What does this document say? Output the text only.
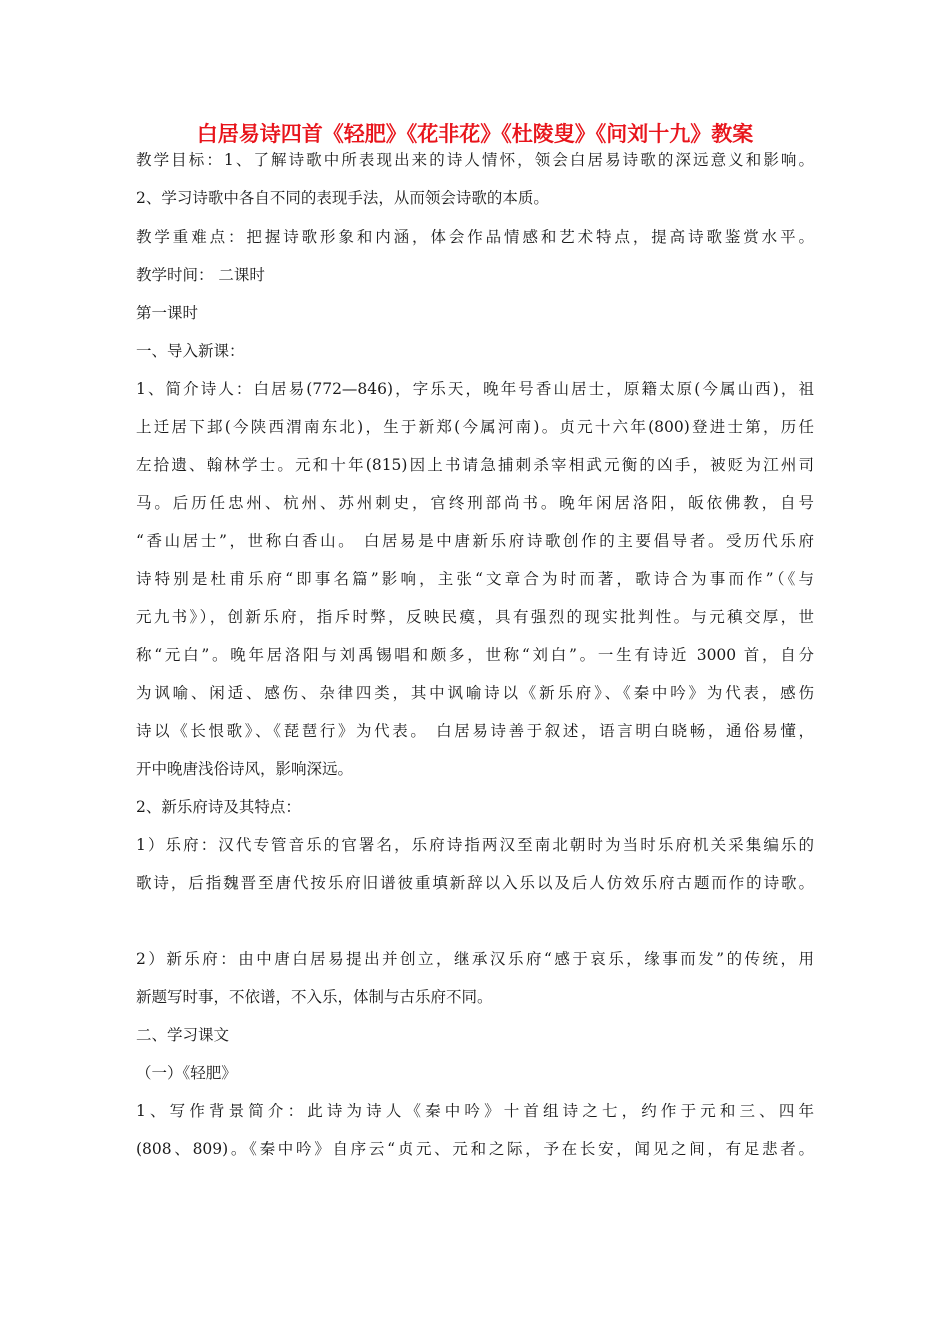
白居易诗四首《轻肥》《花非花》《杜陵叟》《问刘十九》教案
教学目标：1、了解诗歌中所表现出来的诗人情怀，领会白居易诗歌的深远意义和影响。
2、学习诗歌中各自不同的表现手法，从而领会诗歌的本质。
教学重难点：把握诗歌形象和内涵，体会作品情感和艺术特点，提高诗歌鉴赏水平。
教学时间： 二课时
第一课时
一、导入新课：
1、简介诗人：白居易(772—846)，字乐天，晚年号香山居士，原籍太原(今属山西)，祖
上迁居下邽(今陕西渭南东北)，生于新郑(今属河南)。贞元十六年(800)登进士第，历任
左拾遗、翰林学士。元和十年(815)因上书请急捕刺杀宰相武元衡的凶手，被贬为江州司
马。后历任忠州、杭州、苏州刺史，官终刑部尚书。晚年闲居洛阳，皈依佛教，自号
“香山居士”，世称白香山。 白居易是中唐新乐府诗歌创作的主要倡导者。受历代乐府
诗特别是杜甫乐府“即事名篇”影响，主张“文章合为时而著，歌诗合为事而作”（《与
元九书》），创新乐府，指斥时弊，反映民瘼，具有强烈的现实批判性。与元稹交厚，世
称“元白”。晚年居洛阳与刘禹锡唱和颇多，世称“刘白”。一生有诗近 3000 首，自分
为讽喻、闲适、感伤、杂律四类，其中讽喻诗以《新乐府》、《秦中吟》为代表，感伤
诗以《长恨歌》、《琵琶行》为代表。 白居易诗善于叙述，语言明白晓畅，通俗易懂，
开中晚唐浅俗诗风，影响深远。
2、新乐府诗及其特点：
1）乐府：汉代专管音乐的官署名，乐府诗指两汉至南北朝时为当时乐府机关采集编乐的
歌诗，后指魏晋至唐代按乐府旧谱彼重填新辞以入乐以及后人仿效乐府古题而作的诗歌。
2）新乐府：由中唐白居易提出并创立，继承汉乐府“感于哀乐，缘事而发”的传统，用
新题写时事，不依谱，不入乐，体制与古乐府不同。
二、学习课文
（一）《轻肥》
1、写作背景简介：此诗为诗人《秦中吟》十首组诗之七，约作于元和三、四年
(808、809)。《秦中吟》自序云“贞元、元和之际，予在长安，闻见之间，有足悲者。
